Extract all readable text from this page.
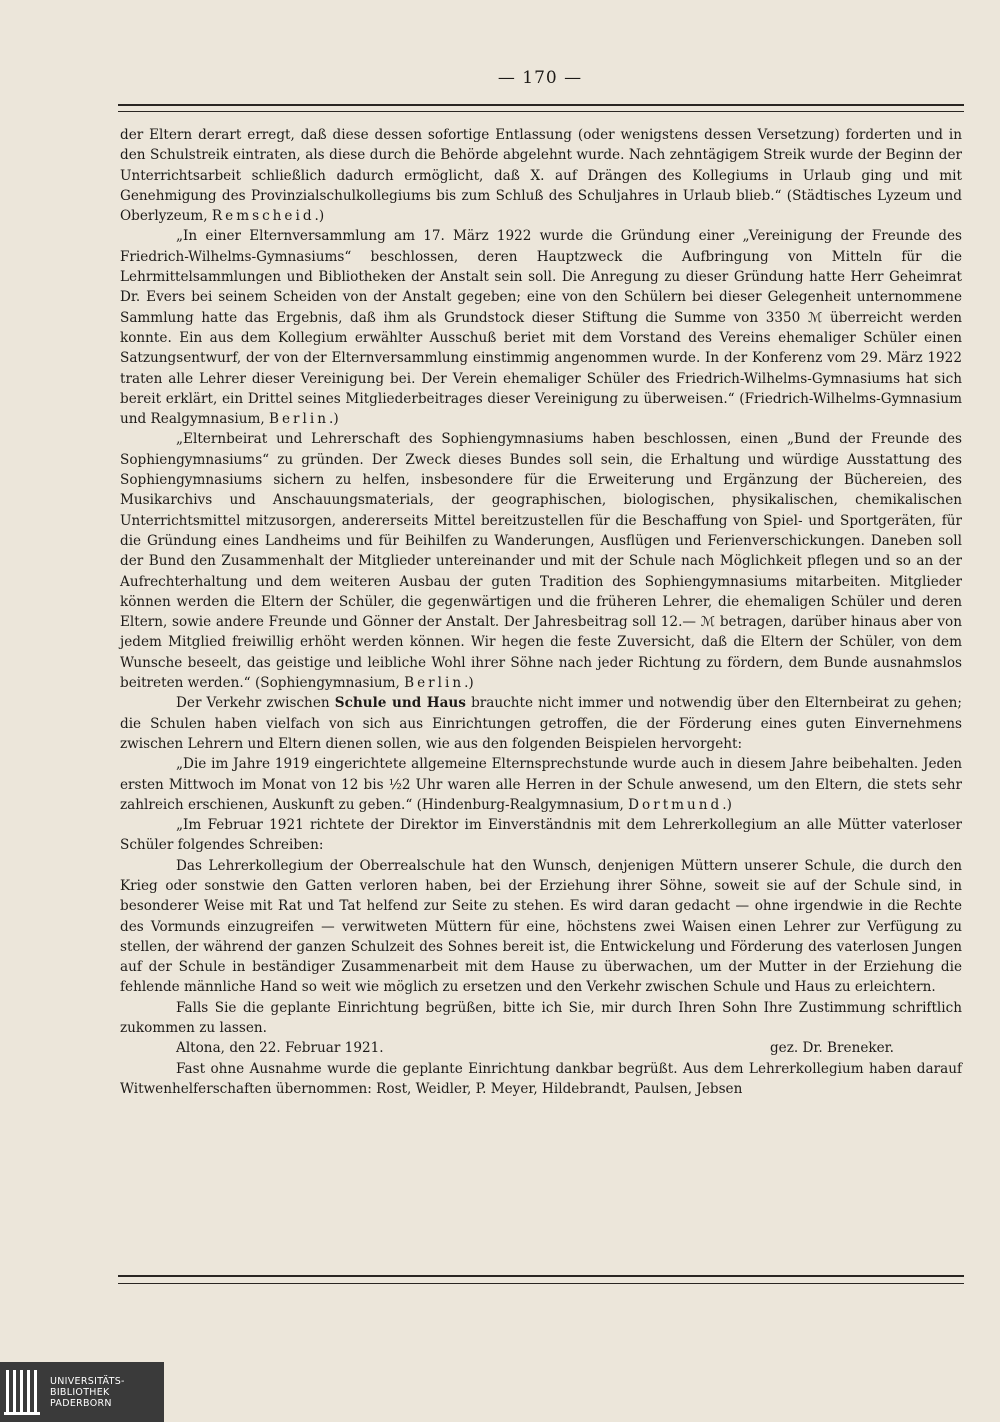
— 170 —

der Eltern derart erregt, daß diese dessen sofortige Entlassung (oder wenigstens dessen Versetzung) forderten und in den Schulstreik eintraten, als diese durch die Behörde abgelehnt wurde. Nach zehntägigem Streik wurde der Beginn der Unterrichtsarbeit schließlich dadurch ermöglicht, daß X. auf Drängen des Kollegiums in Urlaub ging und mit Genehmigung des Provinzialschulkollegiums bis zum Schluß des Schuljahres in Urlaub blieb.“ (Städtisches Lyzeum und Oberlyzeum, Remscheid.)

„In einer Elternversammlung am 17. März 1922 wurde die Gründung einer „Vereinigung der Freunde des Friedrich-Wilhelms-Gymnasiums“ beschlossen, deren Hauptzweck die Aufbringung von Mitteln für die Lehrmittelsammlungen und Bibliotheken der Anstalt sein soll. Die Anregung zu dieser Gründung hatte Herr Geheimrat Dr. Evers bei seinem Scheiden von der Anstalt gegeben; eine von den Schülern bei dieser Gelegenheit unternommene Sammlung hatte das Ergebnis, daß ihm als Grundstock dieser Stiftung die Summe von 3350 ℳ überreicht werden konnte. Ein aus dem Kollegium erwählter Ausschuß beriet mit dem Vorstand des Vereins ehemaliger Schüler einen Satzungsentwurf, der von der Elternversammlung einstimmig angenommen wurde. In der Konferenz vom 29. März 1922 traten alle Lehrer dieser Vereinigung bei. Der Verein ehemaliger Schüler des Friedrich-Wilhelms-Gymnasiums hat sich bereit erklärt, ein Drittel seines Mitgliederbeitrages dieser Vereinigung zu überweisen.“ (Friedrich-Wilhelms-Gymnasium und Realgymnasium, Berlin.)

„Elternbeirat und Lehrerschaft des Sophiengymnasiums haben beschlossen, einen „Bund der Freunde des Sophiengymnasiums“ zu gründen. Der Zweck dieses Bundes soll sein, die Erhaltung und würdige Ausstattung des Sophiengymnasiums sichern zu helfen, insbesondere für die Erweiterung und Ergänzung der Büchereien, des Musikarchivs und Anschauungsmaterials, der geographischen, biologischen, physikalischen, chemikalischen Unterrichtsmittel mitzusorgen, andererseits Mittel bereitzustellen für die Beschaffung von Spiel- und Sportgeräten, für die Gründung eines Landheims und für Beihilfen zu Wanderungen, Ausflügen und Ferienverschickungen. Daneben soll der Bund den Zusammenhalt der Mitglieder untereinander und mit der Schule nach Möglichkeit pflegen und so an der Aufrechterhaltung und dem weiteren Ausbau der guten Tradition des Sophiengymnasiums mitarbeiten. Mitglieder können werden die Eltern der Schüler, die gegenwärtigen und die früheren Lehrer, die ehemaligen Schüler und deren Eltern, sowie andere Freunde und Gönner der Anstalt. Der Jahresbeitrag soll 12.— ℳ betragen, darüber hinaus aber von jedem Mitglied freiwillig erhöht werden können. Wir hegen die feste Zuversicht, daß die Eltern der Schüler, von dem Wunsche beseelt, das geistige und leibliche Wohl ihrer Söhne nach jeder Richtung zu fördern, dem Bunde ausnahmslos beitreten werden.“ (Sophiengymnasium, Berlin.)

Der Verkehr zwischen Schule und Haus brauchte nicht immer und notwendig über den Elternbeirat zu gehen; die Schulen haben vielfach von sich aus Einrichtungen getroffen, die der Förderung eines guten Einvernehmens zwischen Lehrern und Eltern dienen sollen, wie aus den folgenden Beispielen hervorgeht:

„Die im Jahre 1919 eingerichtete allgemeine Elternsprechstunde wurde auch in diesem Jahre beibehalten. Jeden ersten Mittwoch im Monat von 12 bis ½2 Uhr waren alle Herren in der Schule anwesend, um den Eltern, die stets sehr zahlreich erschienen, Auskunft zu geben.“ (Hindenburg-Realgymnasium, Dortmund.)

„Im Februar 1921 richtete der Direktor im Einverständnis mit dem Lehrerkollegium an alle Mütter vaterloser Schüler folgendes Schreiben:

Das Lehrerkollegium der Oberrealschule hat den Wunsch, denjenigen Müttern unserer Schule, die durch den Krieg oder sonstwie den Gatten verloren haben, bei der Erziehung ihrer Söhne, soweit sie auf der Schule sind, in besonderer Weise mit Rat und Tat helfend zur Seite zu stehen. Es wird daran gedacht — ohne irgendwie in die Rechte des Vormunds einzugreifen — verwitweten Müttern für eine, höchstens zwei Waisen einen Lehrer zur Verfügung zu stellen, der während der ganzen Schulzeit des Sohnes bereit ist, die Entwickelung und Förderung des vaterlosen Jungen auf der Schule in beständiger Zusammenarbeit mit dem Hause zu überwachen, um der Mutter in der Erziehung die fehlende männliche Hand so weit wie möglich zu ersetzen und den Verkehr zwischen Schule und Haus zu erleichtern.

Falls Sie die geplante Einrichtung begrüßen, bitte ich Sie, mir durch Ihren Sohn Ihre Zustimmung schriftlich zukommen zu lassen.

Altona, den 22. Februar 1921.	gez. Dr. Breneker.

Fast ohne Ausnahme wurde die geplante Einrichtung dankbar begrüßt. Aus dem Lehrerkollegium haben darauf Witwenhelferschaften übernommen: Rost, Weidler, P. Meyer, Hildebrandt, Paulsen, Jebsen

UNIVERSITÄTS-
BIBLIOTHEK
PADERBORN
